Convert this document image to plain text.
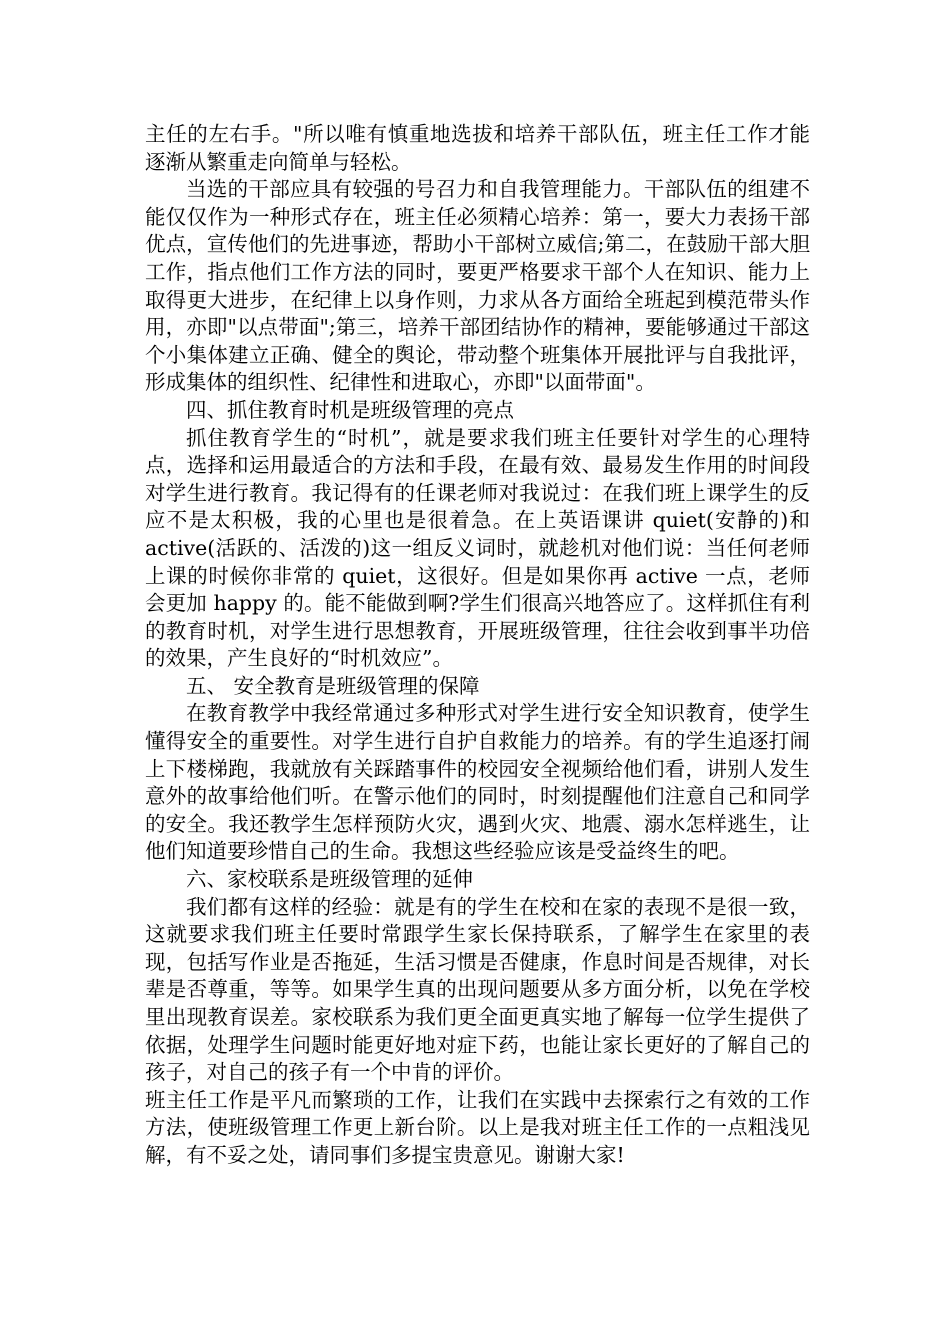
主任的左右手。"所以唯有慎重地选拔和培养干部队伍，班主任工作才能逐渐从繁重走向简单与轻松。

当选的干部应具有较强的号召力和自我管理能力。干部队伍的组建不能仅仅作为一种形式存在，班主任必须精心培养：第一，要大力表扬干部优点，宣传他们的先进事迹，帮助小干部树立威信;第二，在鼓励干部大胆工作，指点他们工作方法的同时，要更严格要求干部个人在知识、能力上取得更大进步，在纪律上以身作则，力求从各方面给全班起到模范带头作用，亦即"以点带面";第三，培养干部团结协作的精神，要能够通过干部这个小集体建立正确、健全的舆论，带动整个班集体开展批评与自我批评，形成集体的组织性、纪律性和进取心，亦即"以面带面"。

四、抓住教育时机是班级管理的亮点

抓住教育学生的“时机”，就是要求我们班主任要针对学生的心理特点，选择和运用最适合的方法和手段，在最有效、最易发生作用的时间段对学生进行教育。我记得有的任课老师对我说过：在我们班上课学生的反应不是太积极，我的心里也是很着急。在上英语课讲 quiet(安静的)和 active(活跃的、活泼的)这一组反义词时，就趁机对他们说：当任何老师上课的时候你非常的 quiet，这很好。但是如果你再 active 一点，老师会更加 happy 的。能不能做到啊?学生们很高兴地答应了。这样抓住有利的教育时机，对学生进行思想教育，开展班级管理，往往会收到事半功倍的效果，产生良好的“时机效应”。

五、 安全教育是班级管理的保障

在教育教学中我经常通过多种形式对学生进行安全知识教育，使学生懂得安全的重要性。对学生进行自护自救能力的培养。有的学生追逐打闹上下楼梯跑，我就放有关踩踏事件的校园安全视频给他们看，讲别人发生意外的故事给他们听。在警示他们的同时，时刻提醒他们注意自己和同学的安全。我还教学生怎样预防火灾，遇到火灾、地震、溺水怎样逃生，让他们知道要珍惜自己的生命。我想这些经验应该是受益终生的吧。

六、家校联系是班级管理的延伸

我们都有这样的经验：就是有的学生在校和在家的表现不是很一致，这就要求我们班主任要时常跟学生家长保持联系，了解学生在家里的表现，包括写作业是否拖延，生活习惯是否健康，作息时间是否规律，对长辈是否尊重，等等。如果学生真的出现问题要从多方面分析，以免在学校里出现教育误差。家校联系为我们更全面更真实地了解每一位学生提供了依据，处理学生问题时能更好地对症下药，也能让家长更好的了解自己的孩子，对自己的孩子有一个中肯的评价。

班主任工作是平凡而繁琐的工作，让我们在实践中去探索行之有效的工作方法，使班级管理工作更上新台阶。以上是我对班主任工作的一点粗浅见解，有不妥之处，请同事们多提宝贵意见。谢谢大家!
